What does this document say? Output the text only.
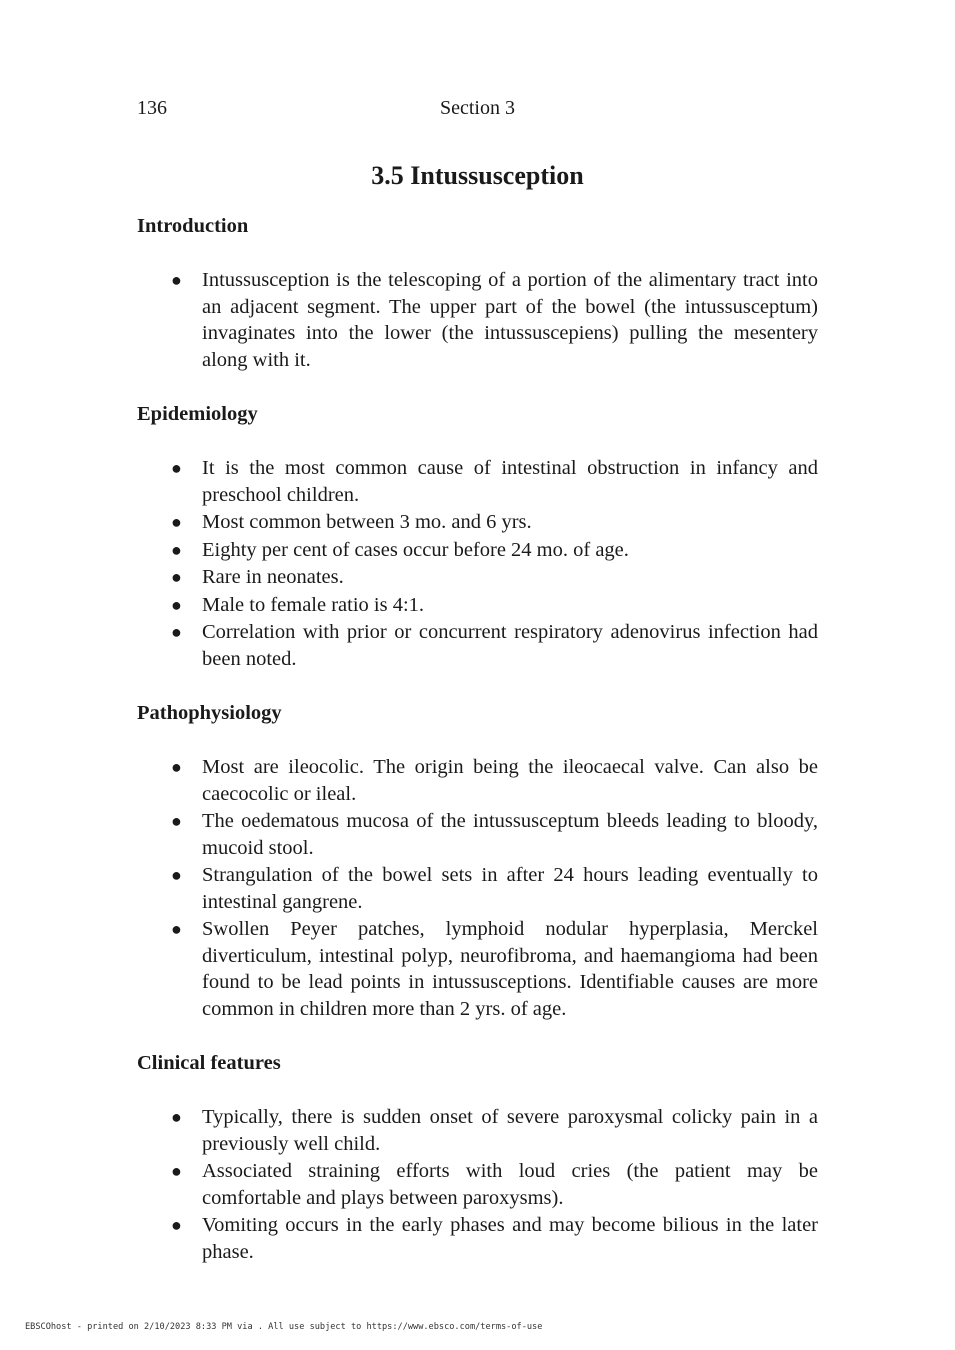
136	Section 3
3.5 Intussusception
Introduction
● Intussusception is the telescoping of a portion of the alimentary tract into an adjacent segment. The upper part of the bowel (the intussusceptum) invaginates into the lower (the intussuscepiens) pulling the mesentery along with it.
Epidemiology
● It is the most common cause of intestinal obstruction in infancy and preschool children.
● Most common between 3 mo. and 6 yrs.
● Eighty per cent of cases occur before 24 mo. of age.
● Rare in neonates.
● Male to female ratio is 4:1.
● Correlation with prior or concurrent respiratory adenovirus infection had been noted.
Pathophysiology
● Most are ileocolic. The origin being the ileocaecal valve. Can also be caecocolic or ileal.
● The oedematous mucosa of the intussusceptum bleeds leading to bloody, mucoid stool.
● Strangulation of the bowel sets in after 24 hours leading eventually to intestinal gangrene.
● Swollen Peyer patches, lymphoid nodular hyperplasia, Merckel diverticulum, intestinal polyp, neurofibroma, and haemangioma had been found to be lead points in intussusceptions. Identifiable causes are more common in children more than 2 yrs. of age.
Clinical features
● Typically, there is sudden onset of severe paroxysmal colicky pain in a previously well child.
● Associated straining efforts with loud cries (the patient may be comfortable and plays between paroxysms).
● Vomiting occurs in the early phases and may become bilious in the later phase.
EBSCOhost - printed on 2/10/2023 8:33 PM via . All use subject to https://www.ebsco.com/terms-of-use
